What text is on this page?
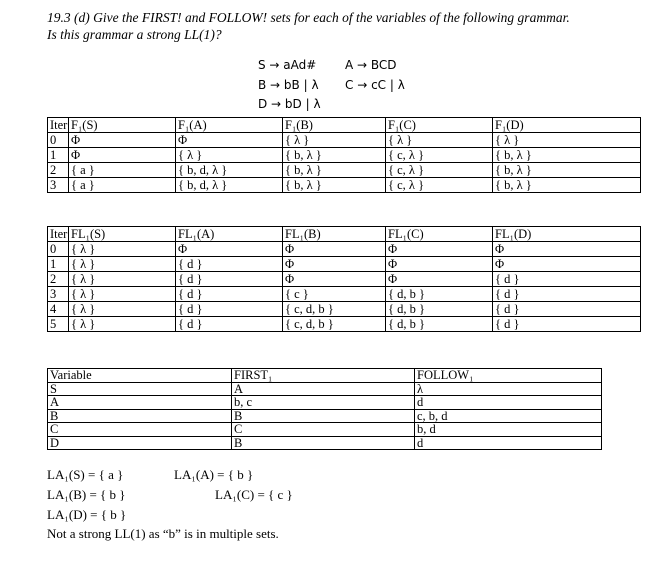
19.3 (d) Give the FIRST! and FOLLOW! sets for each of the variables of the following grammar.
Is this grammar a strong LL(1)?
S → aAd# A → BCD
B → bB | λ C → cC | λ
D → bD | λ
Iter	F₁(S)	F₁(A)	F₁(B)	F₁(C)	F₁(D)
0	Φ	Φ	{ λ }	{ λ }	{ λ }
1	Φ	{ λ }	{ b, λ }	{ c, λ }	{ b, λ }
2	{ a }	{ b, d, λ }	{ b, λ }	{ c, λ }	{ b, λ }
3	{ a }	{ b, d, λ }	{ b, λ }	{ c, λ }	{ b, λ }
Iter	FL₁(S)	FL₁(A)	FL₁(B)	FL₁(C)	FL₁(D)
0	{ λ }	Φ	Φ	Φ	Φ
1	{ λ }	{ d }	Φ	Φ	Φ
2	{ λ }	{ d }	Φ	Φ	{ d }
3	{ λ }	{ d }	{ c }	{ d, b }	{ d }
4	{ λ }	{ d }	{ c, d, b }	{ d, b }	{ d }
5	{ λ }	{ d }	{ c, d, b }	{ d, b }	{ d }
Variable	FIRST₁	FOLLOW₁
S	A	λ
A	b, c	d
B	B	c, b, d
C	C	b, d
D	B	d
LA₁(S) = { a }	LA₁(A) = { b }
LA₁(B) = { b }	LA₁(C) = { c }
LA₁(D) = { b }
Not a strong LL(1) as “b” is in multiple sets.
